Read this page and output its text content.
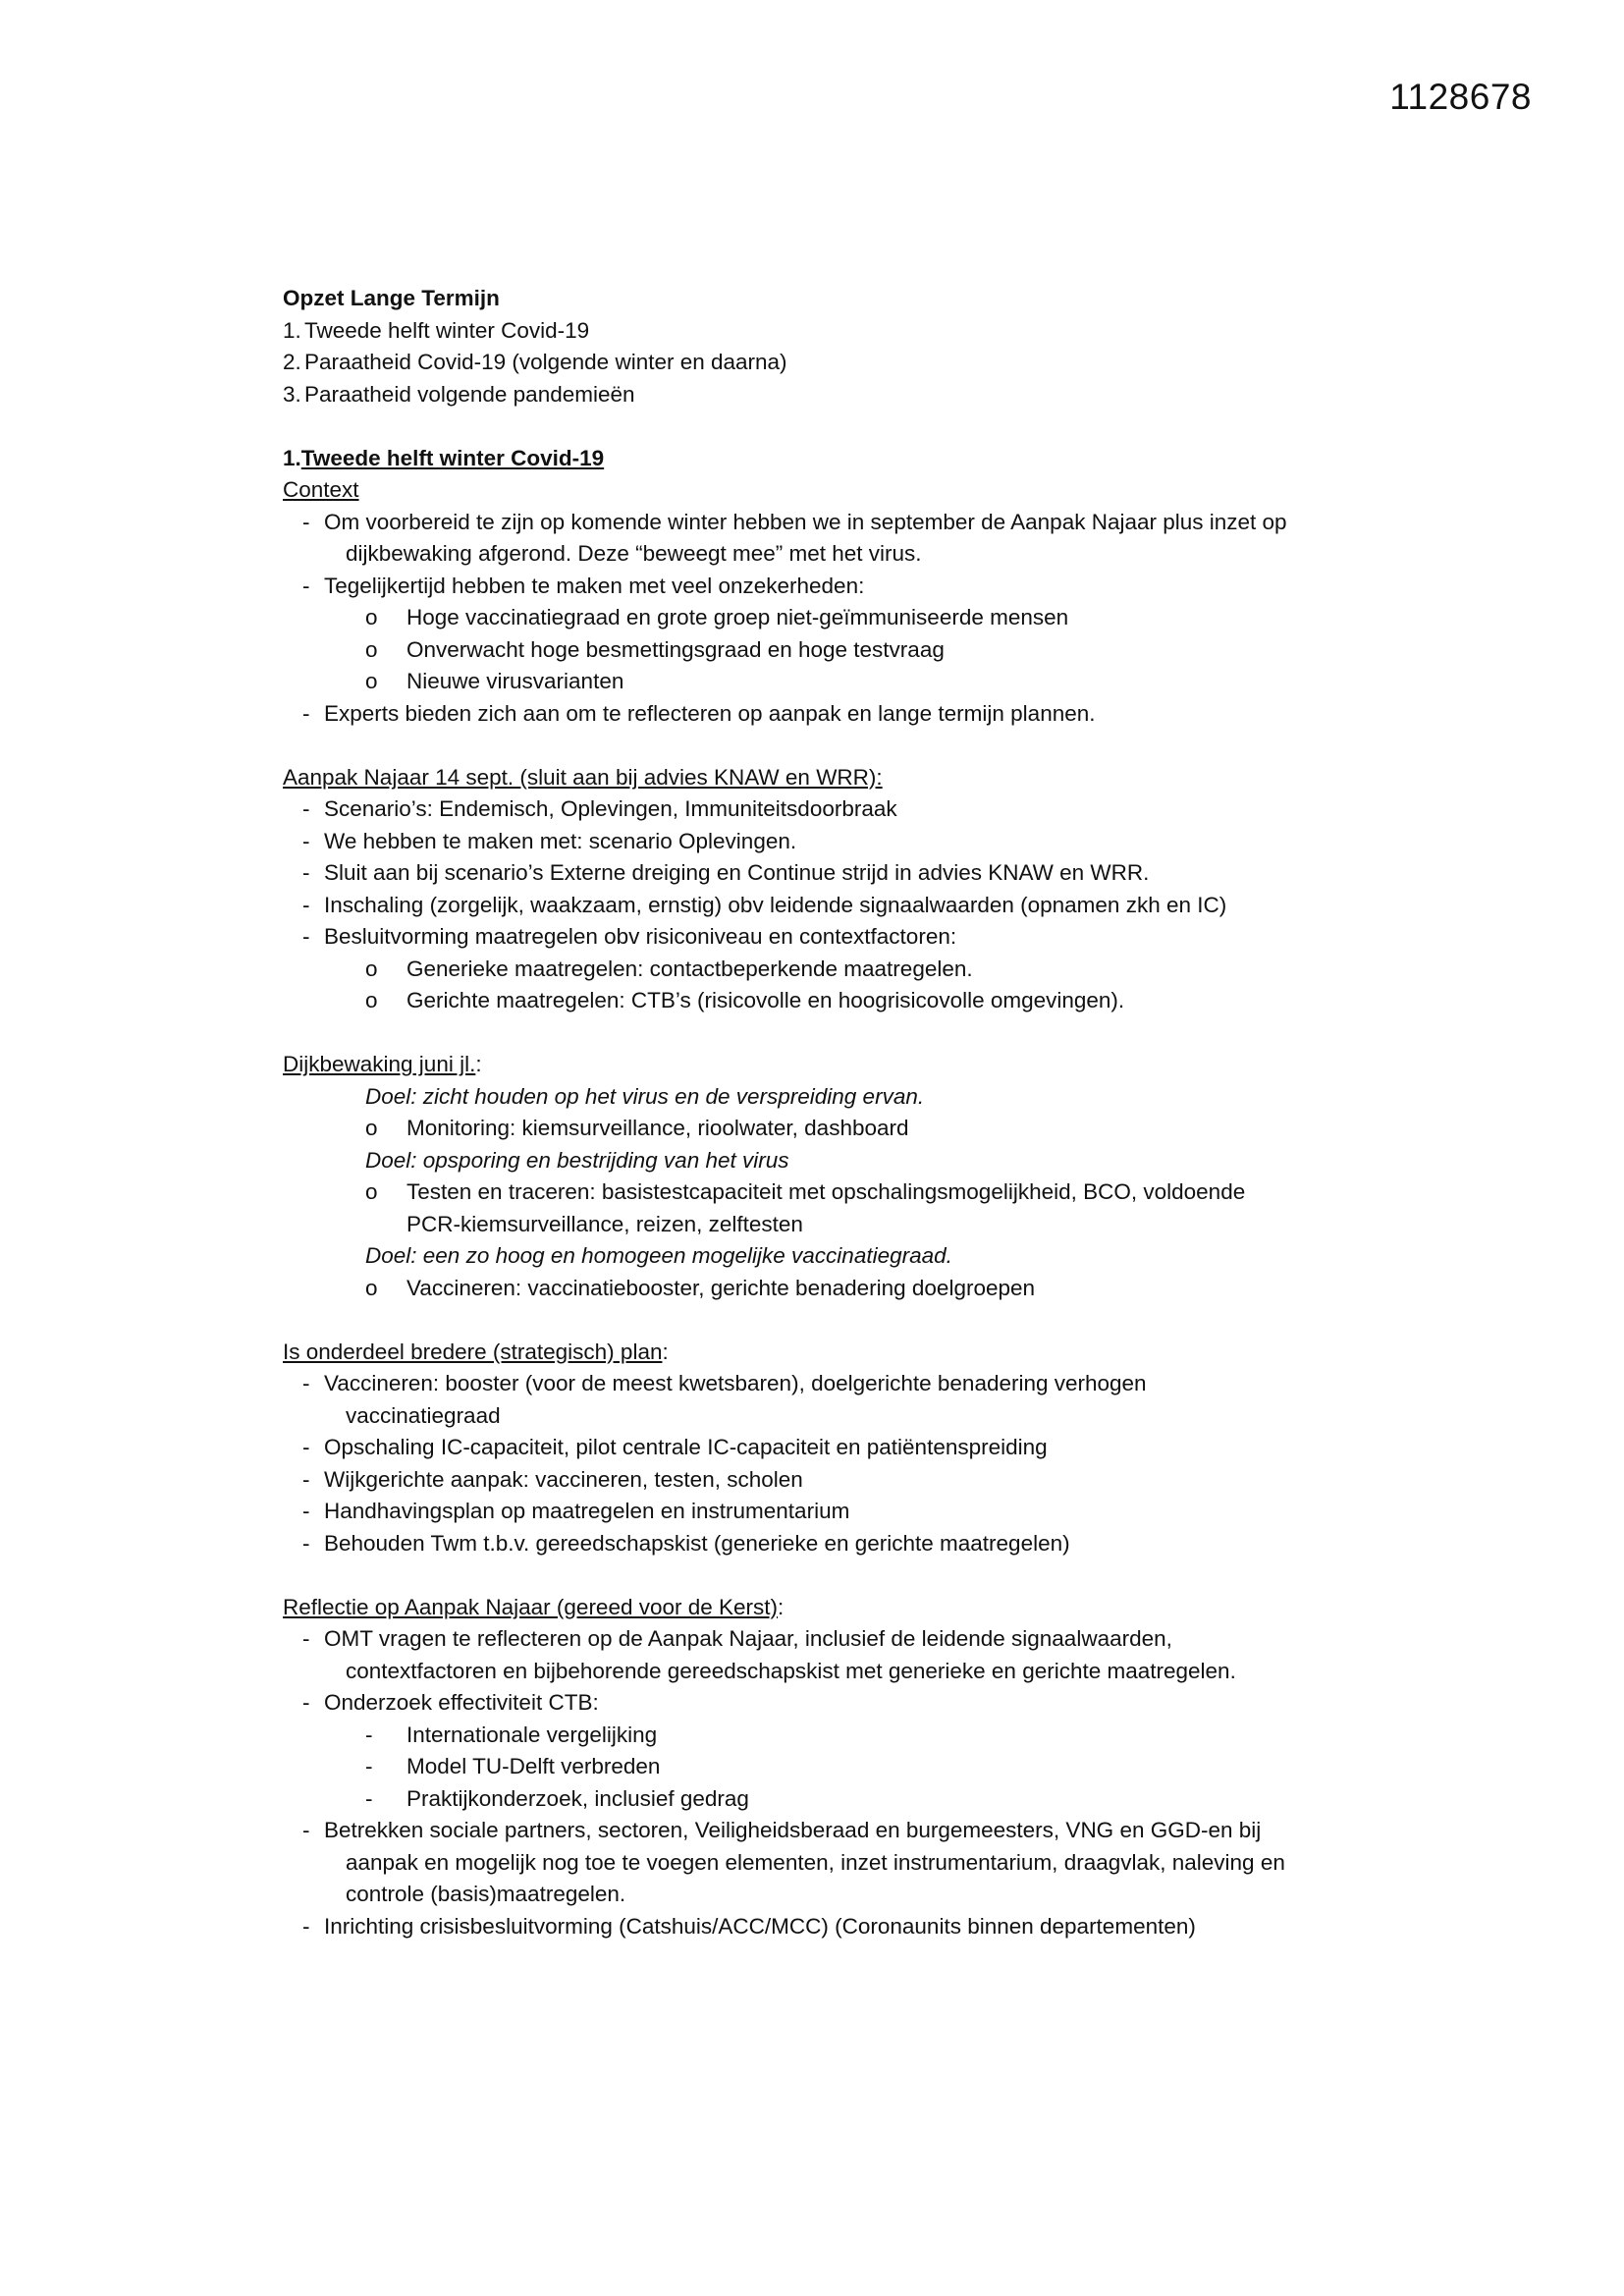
1128678
Opzet Lange Termijn
1. Tweede helft winter Covid-19
2. Paraatheid Covid-19 (volgende winter en daarna)
3. Paraatheid volgende pandemieën
1.Tweede helft winter Covid-19
Context
- Om voorbereid te zijn op komende winter hebben we in september de Aanpak Najaar plus inzet op
dijkbewaking afgerond. Deze “beweegt mee” met het virus.
- Tegelijkertijd hebben te maken met veel onzekerheden:
o Hoge vaccinatiegraad en grote groep niet-geïmmuniseerde mensen
o Onverwacht hoge besmettingsgraad en hoge testvraag
o Nieuwe virusvarianten
- Experts bieden zich aan om te reflecteren op aanpak en lange termijn plannen.
Aanpak Najaar 14 sept. (sluit aan bij advies KNAW en WRR):
- Scenario’s: Endemisch, Oplevingen, Immuniteitsdoorbraak
- We hebben te maken met: scenario Oplevingen.
- Sluit aan bij scenario’s Externe dreiging en Continue strijd in advies KNAW en WRR.
- Inschaling (zorgelijk, waakzaam, ernstig) obv leidende signaalwaarden (opnamen zkh en IC)
- Besluitvorming maatregelen obv risiconiveau en contextfactoren:
o Generieke maatregelen: contactbeperkende maatregelen.
o Gerichte maatregelen: CTB’s (risicovolle en hoogrisicovolle omgevingen).
Dijkbewaking juni jl.:
Doel: zicht houden op het virus en de verspreiding ervan.
o Monitoring: kiemsurveillance, rioolwater, dashboard
Doel: opsporing en bestrijding van het virus
o Testen en traceren: basistestcapaciteit met opschalingsmogelijkheid, BCO, voldoende
PCR-kiemsurveillance, reizen, zelftesten
Doel: een zo hoog en homogeen mogelijke vaccinatiegraad.
o Vaccineren: vaccinatiebooster, gerichte benadering doelgroepen
Is onderdeel bredere (strategisch) plan:
- Vaccineren: booster (voor de meest kwetsbaren), doelgerichte benadering verhogen
vaccinatiegraad
- Opschaling IC-capaciteit, pilot centrale IC-capaciteit en patiëntenspreiding
- Wijkgerichte aanpak: vaccineren, testen, scholen
- Handhavingsplan op maatregelen en instrumentarium
- Behouden Twm t.b.v. gereedschapskist (generieke en gerichte maatregelen)
Reflectie op Aanpak Najaar (gereed voor de Kerst):
- OMT vragen te reflecteren op de Aanpak Najaar, inclusief de leidende signaalwaarden,
contextfactoren en bijbehorende gereedschapskist met generieke en gerichte maatregelen.
- Onderzoek effectiviteit CTB:
- Internationale vergelijking
- Model TU-Delft verbreden
- Praktijkonderzoek, inclusief gedrag
- Betrekken sociale partners, sectoren, Veiligheidsberaad en burgemeesters, VNG en GGD-en bij
aanpak en mogelijk nog toe te voegen elementen, inzet instrumentarium, draagvlak, naleving en
controle (basis)maatregelen.
- Inrichting crisisbesluitvorming (Catshuis/ACC/MCC) (Coronaunits binnen departementen)
